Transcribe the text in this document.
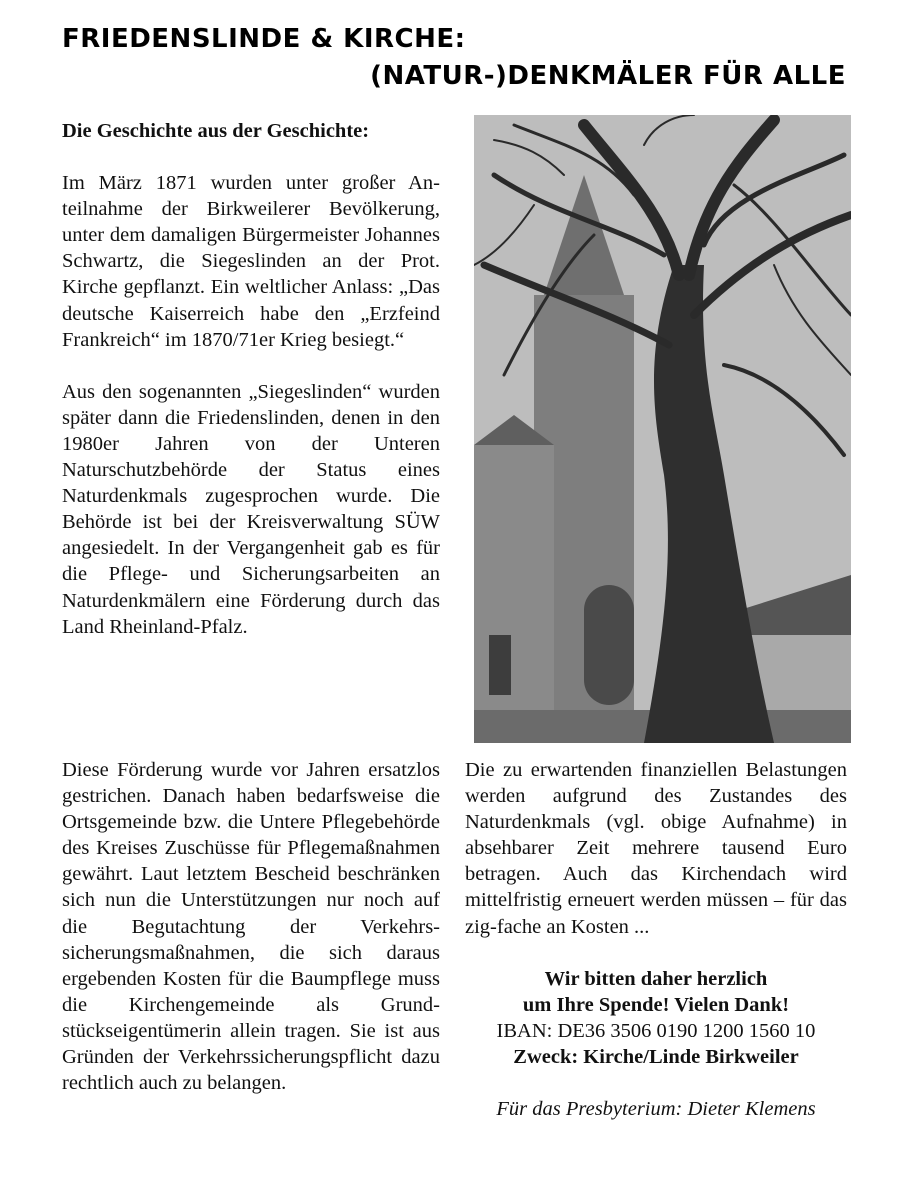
FRIEDENSLINDE & KIRCHE:
(NATUR-)DENKMÄLER FÜR ALLE

Die Geschichte aus der Geschichte:

Im März 1871 wurden unter großer Anteilnahme der Birkweilerer Bevölkerung, unter dem damaligen Bürgermeister Johannes Schwartz, die Siegeslinden an der Prot. Kirche gepflanzt. Ein weltlicher Anlass: „Das deutsche Kaiserreich habe den „Erzfeind Frankreich“ im 1870/71er Krieg besiegt.“

Aus den sogenannten „Siegeslinden“ wurden später dann die Friedenslinden, denen in den 1980er Jahren von der Unteren Naturschutzbehörde der Status eines Naturdenkmals zugesprochen wurde. Die Behörde ist bei der Kreisverwaltung SÜW angesiedelt. In der Vergangenheit gab es für die Pflege- und Sicherungsarbeiten an Naturdenkmälern eine Förderung durch das Land Rheinland-Pfalz.

Diese Förderung wurde vor Jahren ersatzlos gestrichen. Danach haben bedarfsweise die Ortsgemeinde bzw. die Untere Pflegebehörde des Kreises Zuschüsse für Pflegemaßnahmen gewährt. Laut letztem Bescheid beschränken sich nun die Unterstützungen nur noch auf die Begutachtung der Verkehrssicherungsmaßnahmen, die sich daraus ergebenden Kosten für die Baumpflege muss die Kirchengemeinde als Grundstückseigentümerin allein tragen. Sie ist aus Gründen der Verkehrssicherungspflicht dazu rechtlich auch zu belangen.

Die zu erwartenden finanziellen Belastungen werden aufgrund des Zustandes des Naturdenkmals (vgl. obige Aufnahme) in absehbarer Zeit mehrere tausend Euro betragen. Auch das Kirchendach wird mittelfristig erneuert werden müssen – für das zig-fache an Kosten ...

Wir bitten daher herzlich

um Ihre Spende! Vielen Dank!

IBAN: DE36 3506 0190 1200 1560 10

Zweck: Kirche/Linde Birkweiler

Für das Presbyterium: Dieter Klemens
